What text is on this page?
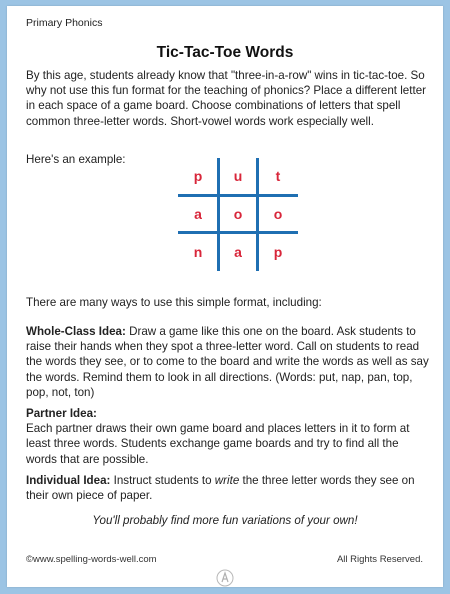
Primary Phonics
Tic-Tac-Toe Words
By this age, students already know that "three-in-a-row" wins in tic-tac-toe. So why not use this fun format for the teaching of phonics? Place a different letter in each space of a game board. Choose combinations of letters that spell common three-letter words. Short-vowel words work especially well.
Here's an example:
p	u	t
a	o	o
n	a	p
There are many ways to use this simple format, including:
Whole-Class Idea: Draw a game like this one on the board. Ask students to raise their hands when they spot a three-letter word. Call on students to read the words they see, or to come to the board and write the words as well as say the words. Remind them to look in all directions. (Words: put, nap, pan, top, pop, not, ton)
Partner Idea:
Each partner draws their own game board and places letters in it to form at least three words. Students exchange game boards and try to find all the words that are possible.
Individual Idea: Instruct students to write the three letter words they see on their own piece of paper.
You'll probably find more fun variations of your own!
©www.spelling-words-well.com	All Rights Reserved.
